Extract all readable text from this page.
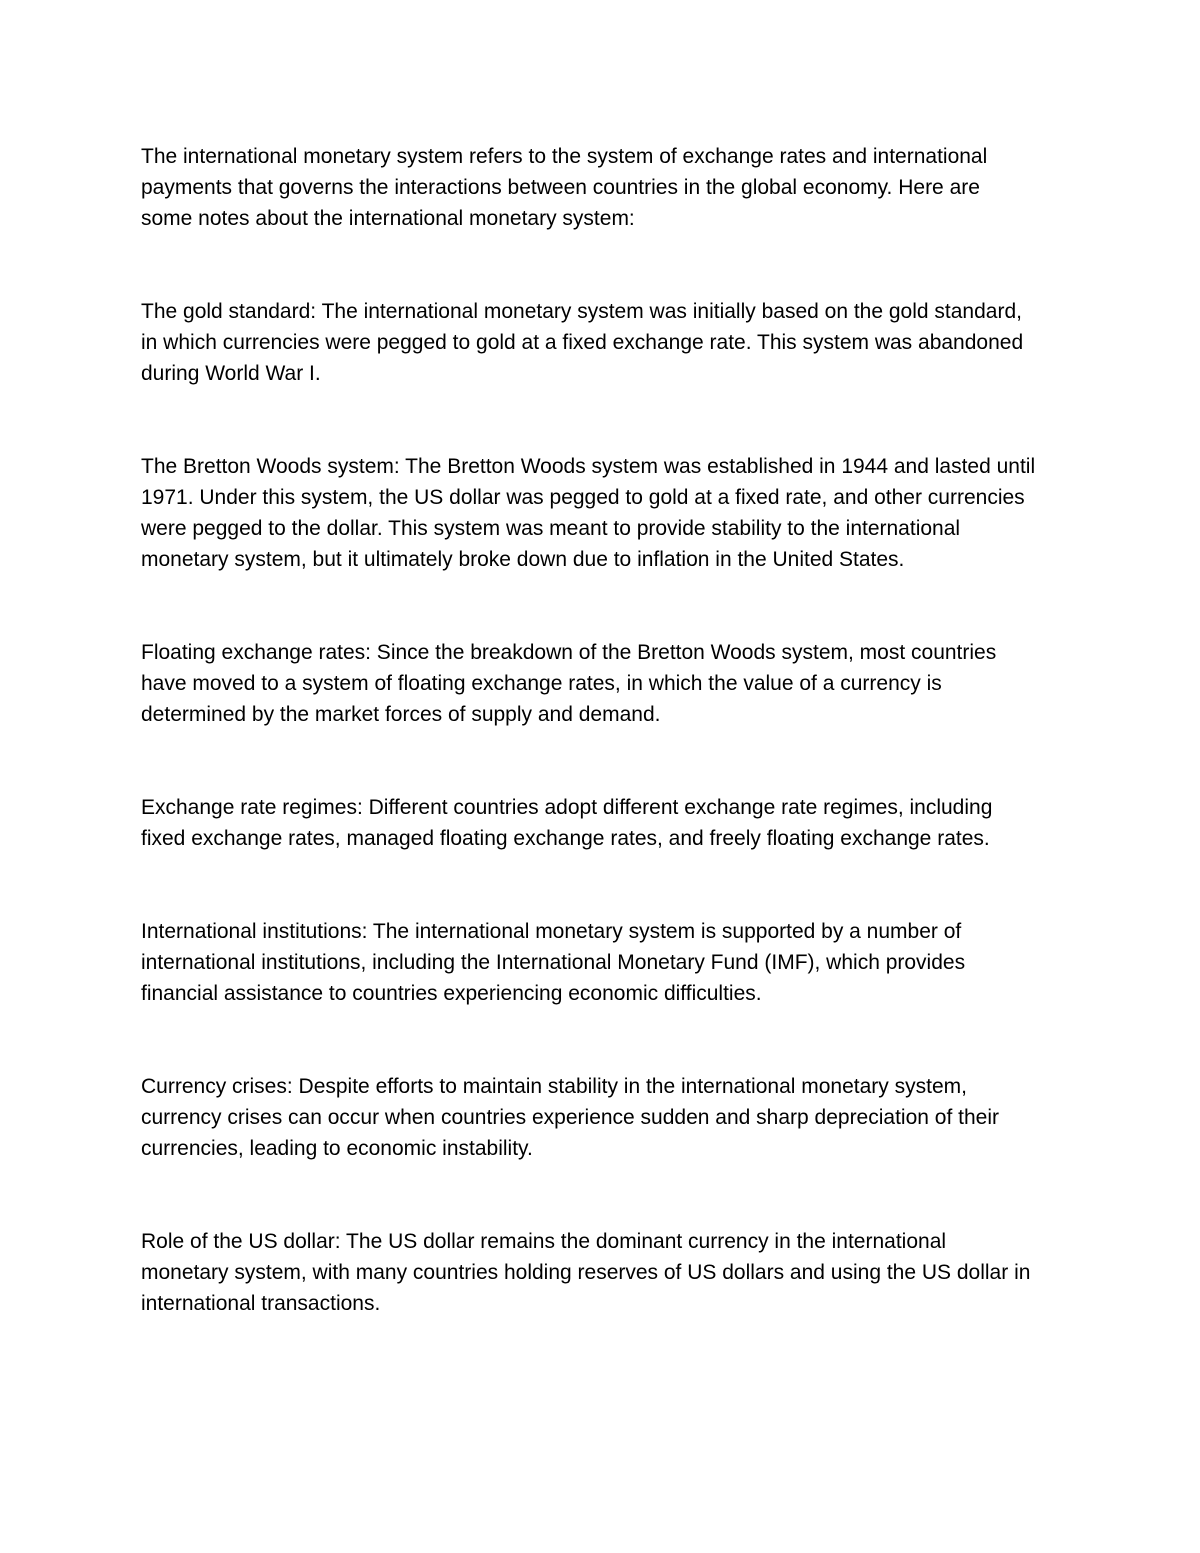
The international monetary system refers to the system of exchange rates and international
payments that governs the interactions between countries in the global economy. Here are
some notes about the international monetary system:

The gold standard: The international monetary system was initially based on the gold standard,
in which currencies were pegged to gold at a fixed exchange rate. This system was abandoned
during World War I.

The Bretton Woods system: The Bretton Woods system was established in 1944 and lasted until
1971. Under this system, the US dollar was pegged to gold at a fixed rate, and other currencies
were pegged to the dollar. This system was meant to provide stability to the international
monetary system, but it ultimately broke down due to inflation in the United States.

Floating exchange rates: Since the breakdown of the Bretton Woods system, most countries
have moved to a system of floating exchange rates, in which the value of a currency is
determined by the market forces of supply and demand.

Exchange rate regimes: Different countries adopt different exchange rate regimes, including
fixed exchange rates, managed floating exchange rates, and freely floating exchange rates.

International institutions: The international monetary system is supported by a number of
international institutions, including the International Monetary Fund (IMF), which provides
financial assistance to countries experiencing economic difficulties.

Currency crises: Despite efforts to maintain stability in the international monetary system,
currency crises can occur when countries experience sudden and sharp depreciation of their
currencies, leading to economic instability.

Role of the US dollar: The US dollar remains the dominant currency in the international
monetary system, with many countries holding reserves of US dollars and using the US dollar in
international transactions.
